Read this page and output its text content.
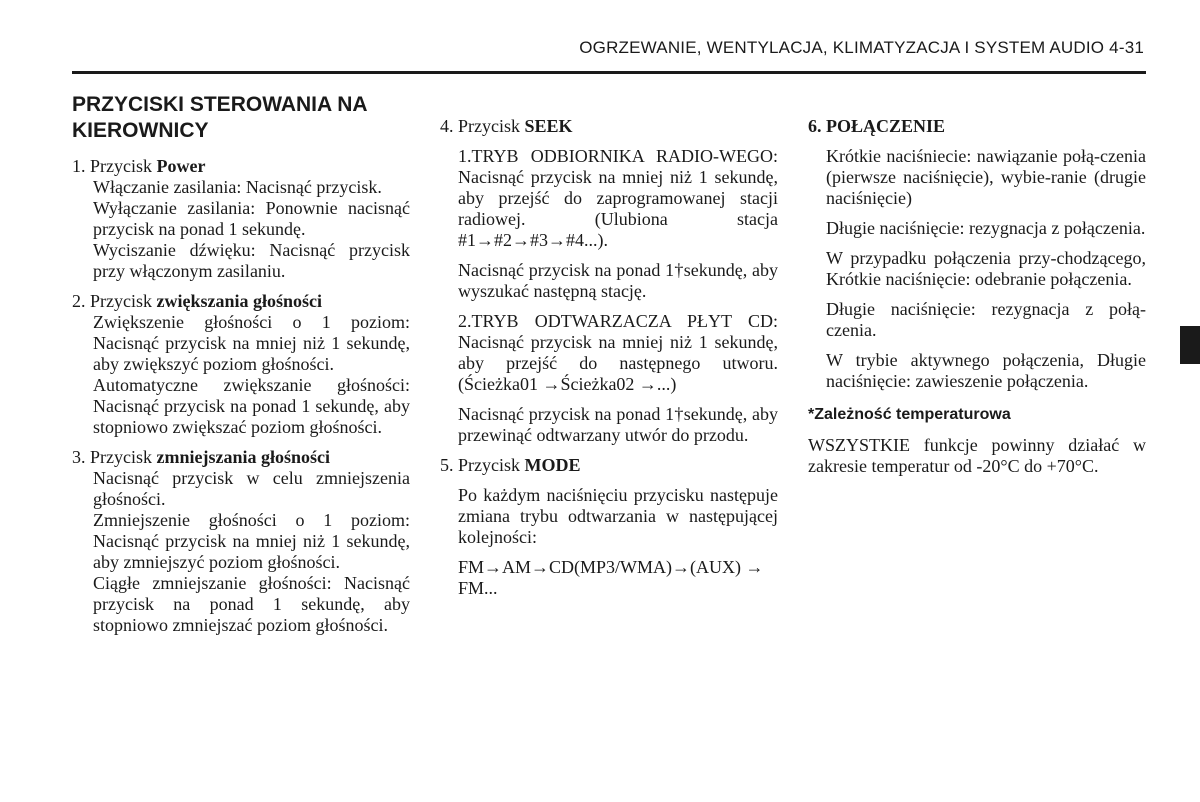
OGRZEWANIE, WENTYLACJA, KLIMATYZACJA I SYSTEM AUDIO 4-31
PRZYCISKI STEROWANIA NA KIEROWNICY

1. Przycisk Power

Włączanie zasilania: Nacisnąć przycisk.

Wyłączanie zasilania: Ponownie nacisnąć przycisk na ponad 1 sekundę.

Wyciszanie dźwięku: Nacisnąć przycisk przy włączonym zasilaniu.

2. Przycisk zwiększania głośności

Zwiększenie głośności o 1 poziom: Nacisnąć przycisk na mniej niż 1 sekundę, aby zwiększyć poziom głośności.

Automatyczne zwiększanie głośności: Nacisnąć przycisk na ponad 1 sekundę, aby stopniowo zwiększać poziom głośności.

3. Przycisk zmniejszania głośności

Nacisnąć przycisk w celu zmniejszenia głośności.

Zmniejszenie głośności o 1 poziom: Nacisnąć przycisk na mniej niż 1 sekundę, aby zmniejszyć poziom głośności.

Ciągłe zmniejszanie głośności: Nacisnąć przycisk na ponad 1 sekundę, aby stopniowo zmniejszać poziom głośności.

4. Przycisk SEEK

1.TRYB ODBIORNIKA RADIO-WEGO: Nacisnąć przycisk na mniej niż 1 sekundę, aby przejść do zaprogramowanej stacji radiowej. (Ulubiona stacja #1→#2→#3→#4...).

Nacisnąć przycisk na ponad 1†sekundę, aby wyszukać następną stację.

2.TRYB ODTWARZACZA PŁYT CD: Nacisnąć przycisk na mniej niż 1 sekundę, aby przejść do następnego utworu. (Ścieżka01 →Ścieżka02 →...)

Nacisnąć przycisk na ponad 1†sekundę, aby przewinąć odtwarzany utwór do przodu.

5. Przycisk MODE

Po każdym naciśnięciu przycisku następuje zmiana trybu odtwarzania w następującej kolejności:

FM→AM→CD(MP3/WMA)→(AUX) → FM...

6. POŁĄCZENIE

Krótkie naciśniecie: nawiązanie połą-czenia (pierwsze naciśnięcie), wybie-ranie (drugie naciśnięcie)

Długie naciśnięcie: rezygnacja z połączenia.

W przypadku połączenia przy-chodzącego, Krótkie naciśnięcie: odebranie połączenia.

Długie naciśnięcie: rezygnacja z połą-czenia.

W trybie aktywnego połączenia, Długie naciśnięcie: zawieszenie połączenia.

*Zależność temperaturowa

WSZYSTKIE funkcje powinny działać w zakresie temperatur od -20°C do +70°C.
